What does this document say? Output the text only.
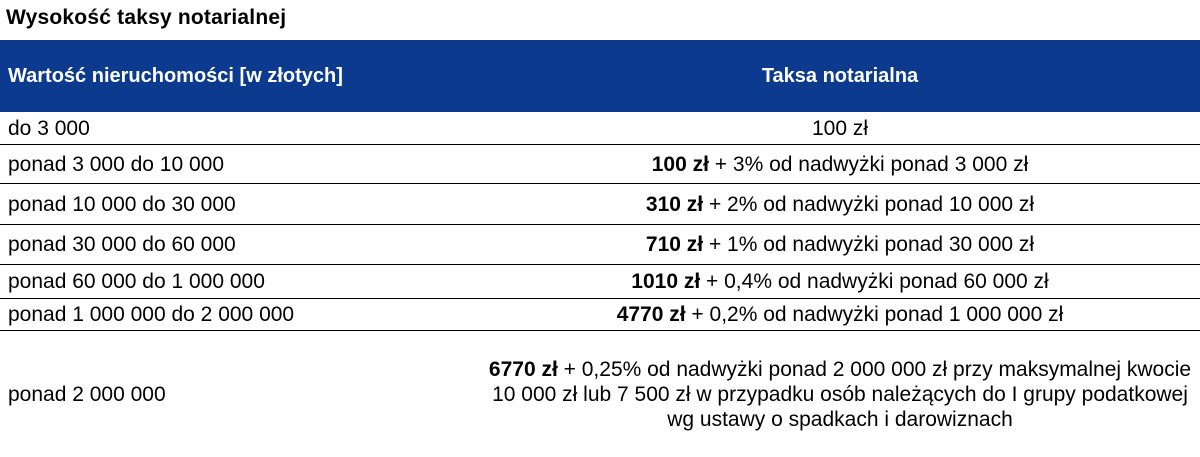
Wysokość taksy notarialnej
Wartość nieruchomości [w złotych]	Taksa notarialna
do 3 000	100 zł
ponad 3 000 do 10 000	100 zł + 3% od nadwyżki ponad 3 000 zł
ponad 10 000 do 30 000	310 zł + 2% od nadwyżki ponad 10 000 zł
ponad 30 000 do 60 000	710 zł + 1% od nadwyżki ponad 30 000 zł
ponad 60 000 do 1 000 000	1010 zł + 0,4% od nadwyżki ponad 60 000 zł
ponad 1 000 000 do 2 000 000	4770 zł + 0,2% od nadwyżki ponad 1 000 000 zł
ponad 2 000 000	6770 zł + 0,25% od nadwyżki ponad 2 000 000 zł przy maksymalnej kwocie 10 000 zł lub 7 500 zł w przypadku osób należących do I grupy podatkowej wg ustawy o spadkach i darowiznach
